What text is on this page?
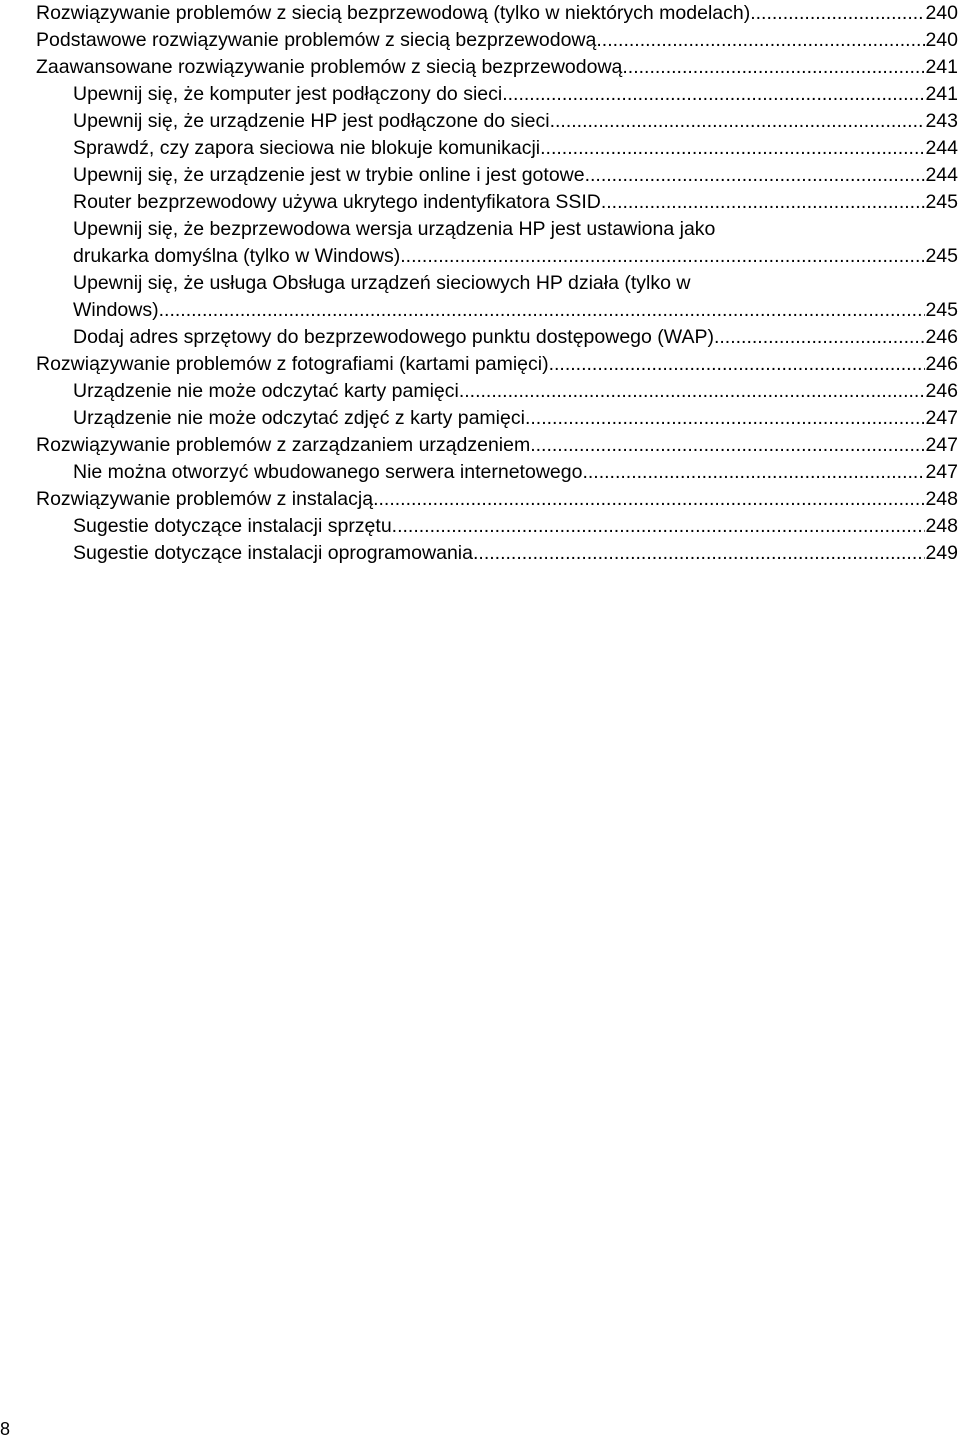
Rozwiązywanie problemów z siecią bezprzewodową (tylko w niektórych modelach) .....	240
Podstawowe rozwiązywanie problemów z siecią bezprzewodową .....	240
Zaawansowane rozwiązywanie problemów z siecią bezprzewodową .....	241
Upewnij się, że komputer jest podłączony do sieci .....	241
Upewnij się, że urządzenie HP jest podłączone do sieci .....	243
Sprawdź, czy zapora sieciowa nie blokuje komunikacji .....	244
Upewnij się, że urządzenie jest w trybie online i jest gotowe .....	244
Router bezprzewodowy używa ukrytego indentyfikatora SSID .....	245
Upewnij się, że bezprzewodowa wersja urządzenia HP jest ustawiona jako
drukarka domyślna (tylko w Windows) .....	245
Upewnij się, że usługa Obsługa urządzeń sieciowych HP działa (tylko w
Windows) .....	245
Dodaj adres sprzętowy do bezprzewodowego punktu dostępowego (WAP) .....	246
Rozwiązywanie problemów z fotografiami (kartami pamięci) .....	246
Urządzenie nie może odczytać karty pamięci .....	246
Urządzenie nie może odczytać zdjęć z karty pamięci .....	247
Rozwiązywanie problemów z zarządzaniem urządzeniem .....	247
Nie można otworzyć wbudowanego serwera internetowego .....	247
Rozwiązywanie problemów z instalacją .....	248
Sugestie dotyczące instalacji sprzętu .....	248
Sugestie dotyczące instalacji oprogramowania .....	249
8
